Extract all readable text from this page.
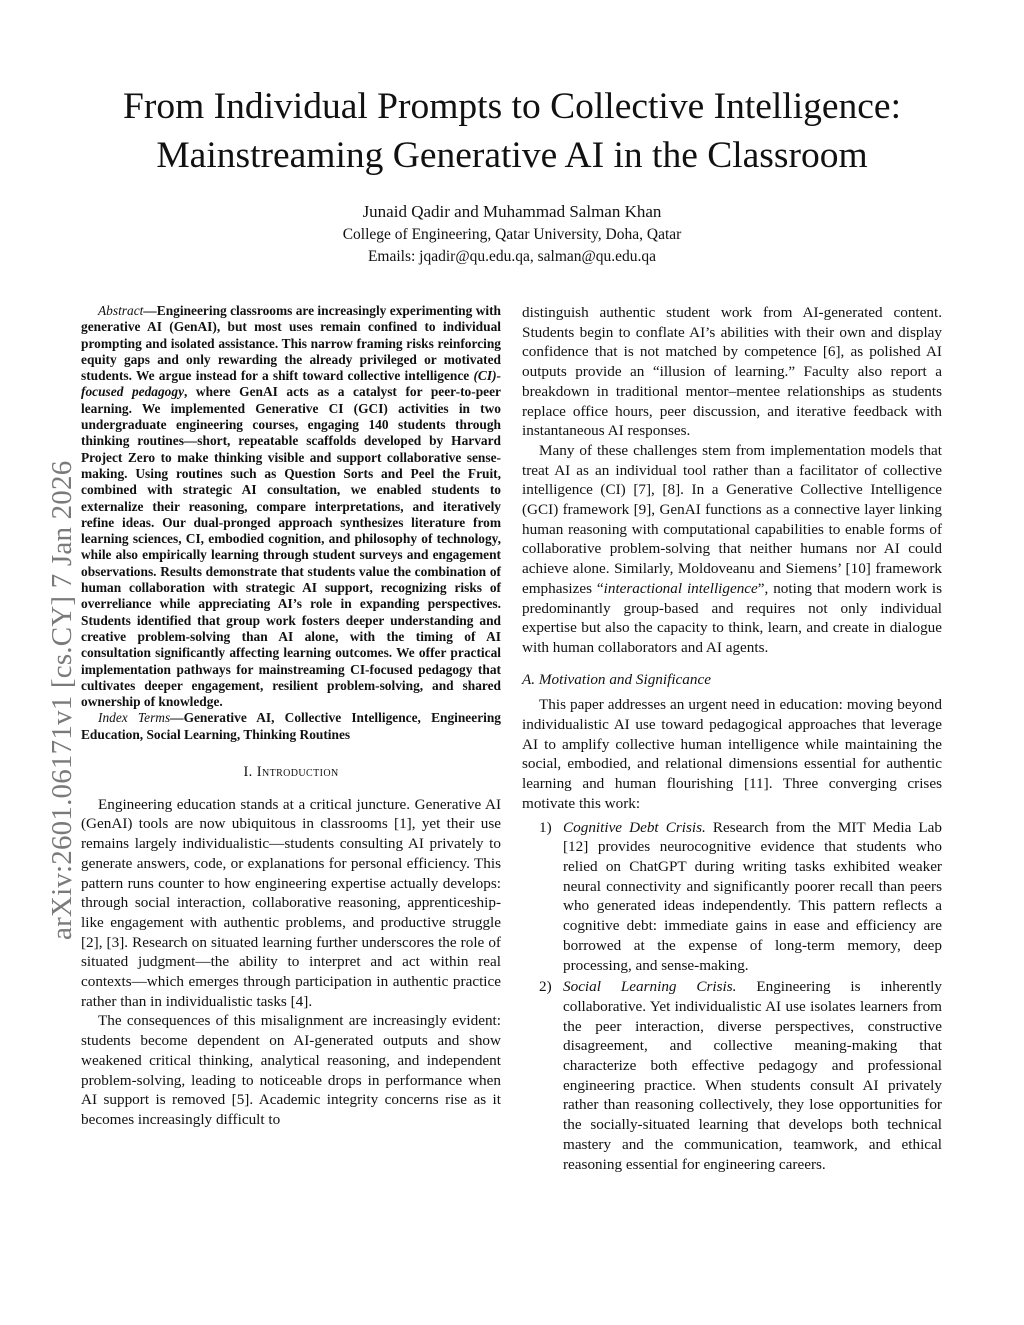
arXiv:2601.06171v1 [cs.CY] 7 Jan 2026
From Individual Prompts to Collective Intelligence:
Mainstreaming Generative AI in the Classroom
Junaid Qadir and Muhammad Salman Khan
College of Engineering, Qatar University, Doha, Qatar
Emails: jqadir@qu.edu.qa, salman@qu.edu.qa

Abstract—Engineering classrooms are increasingly experimenting with generative AI (GenAI), but most uses remain confined to individual prompting and isolated assistance. This narrow framing risks reinforcing equity gaps and only rewarding the already privileged or motivated students. We argue instead for a shift toward collective intelligence (CI)-focused pedagogy, where GenAI acts as a catalyst for peer-to-peer learning. We implemented Generative CI (GCI) activities in two undergraduate engineering courses, engaging 140 students through thinking routines—short, repeatable scaffolds developed by Harvard Project Zero to make thinking visible and support collaborative sense-making. Using routines such as Question Sorts and Peel the Fruit, combined with strategic AI consultation, we enabled students to externalize their reasoning, compare interpretations, and iteratively refine ideas. Our dual-pronged approach synthesizes literature from learning sciences, CI, embodied cognition, and philosophy of technology, while also empirically learning through student surveys and engagement observations. Results demonstrate that students value the combination of human collaboration with strategic AI support, recognizing risks of overreliance while appreciating AI’s role in expanding perspectives. Students identified that group work fosters deeper understanding and creative problem-solving than AI alone, with the timing of AI consultation significantly affecting learning outcomes. We offer practical implementation pathways for mainstreaming CI-focused pedagogy that cultivates deeper engagement, resilient problem-solving, and shared ownership of knowledge.

Index Terms—Generative AI, Collective Intelligence, Engineering Education, Social Learning, Thinking Routines

I. Introduction

Engineering education stands at a critical juncture. Generative AI (GenAI) tools are now ubiquitous in classrooms [1], yet their use remains largely individualistic—students consulting AI privately to generate answers, code, or explanations for personal efficiency. This pattern runs counter to how engineering expertise actually develops: through social interaction, collaborative reasoning, apprenticeship-like engagement with authentic problems, and productive struggle [2], [3]. Research on situated learning further underscores the role of situated judgment—the ability to interpret and act within real contexts—which emerges through participation in authentic practice rather than in individualistic tasks [4].

The consequences of this misalignment are increasingly evident: students become dependent on AI-generated outputs and show weakened critical thinking, analytical reasoning, and independent problem-solving, leading to noticeable drops in performance when AI support is removed [5]. Academic integrity concerns rise as it becomes increasingly difficult to

distinguish authentic student work from AI-generated content. Students begin to conflate AI’s abilities with their own and display confidence that is not matched by competence [6], as polished AI outputs provide an “illusion of learning.” Faculty also report a breakdown in traditional mentor–mentee relationships as students replace office hours, peer discussion, and iterative feedback with instantaneous AI responses.

Many of these challenges stem from implementation models that treat AI as an individual tool rather than a facilitator of collective intelligence (CI) [7], [8]. In a Generative Collective Intelligence (GCI) framework [9], GenAI functions as a connective layer linking human reasoning with computational capabilities to enable forms of collaborative problem-solving that neither humans nor AI could achieve alone. Similarly, Moldoveanu and Siemens’ [10] framework emphasizes “interactional intelligence”, noting that modern work is predominantly group-based and requires not only individual expertise but also the capacity to think, learn, and create in dialogue with human collaborators and AI agents.

A. Motivation and Significance

This paper addresses an urgent need in education: moving beyond individualistic AI use toward pedagogical approaches that leverage AI to amplify collective human intelligence while maintaining the social, embodied, and relational dimensions essential for authentic learning and human flourishing [11]. Three converging crises motivate this work:

1) Cognitive Debt Crisis. Research from the MIT Media Lab [12] provides neurocognitive evidence that students who relied on ChatGPT during writing tasks exhibited weaker neural connectivity and significantly poorer recall than peers who generated ideas independently. This pattern reflects a cognitive debt: immediate gains in ease and efficiency are borrowed at the expense of long-term memory, deep processing, and sense-making.
2) Social Learning Crisis. Engineering is inherently collaborative. Yet individualistic AI use isolates learners from the peer interaction, diverse perspectives, constructive disagreement, and collective meaning-making that characterize both effective pedagogy and professional engineering practice. When students consult AI privately rather than reasoning collectively, they lose opportunities for the socially-situated learning that develops both technical mastery and the communication, teamwork, and ethical reasoning essential for engineering careers.
